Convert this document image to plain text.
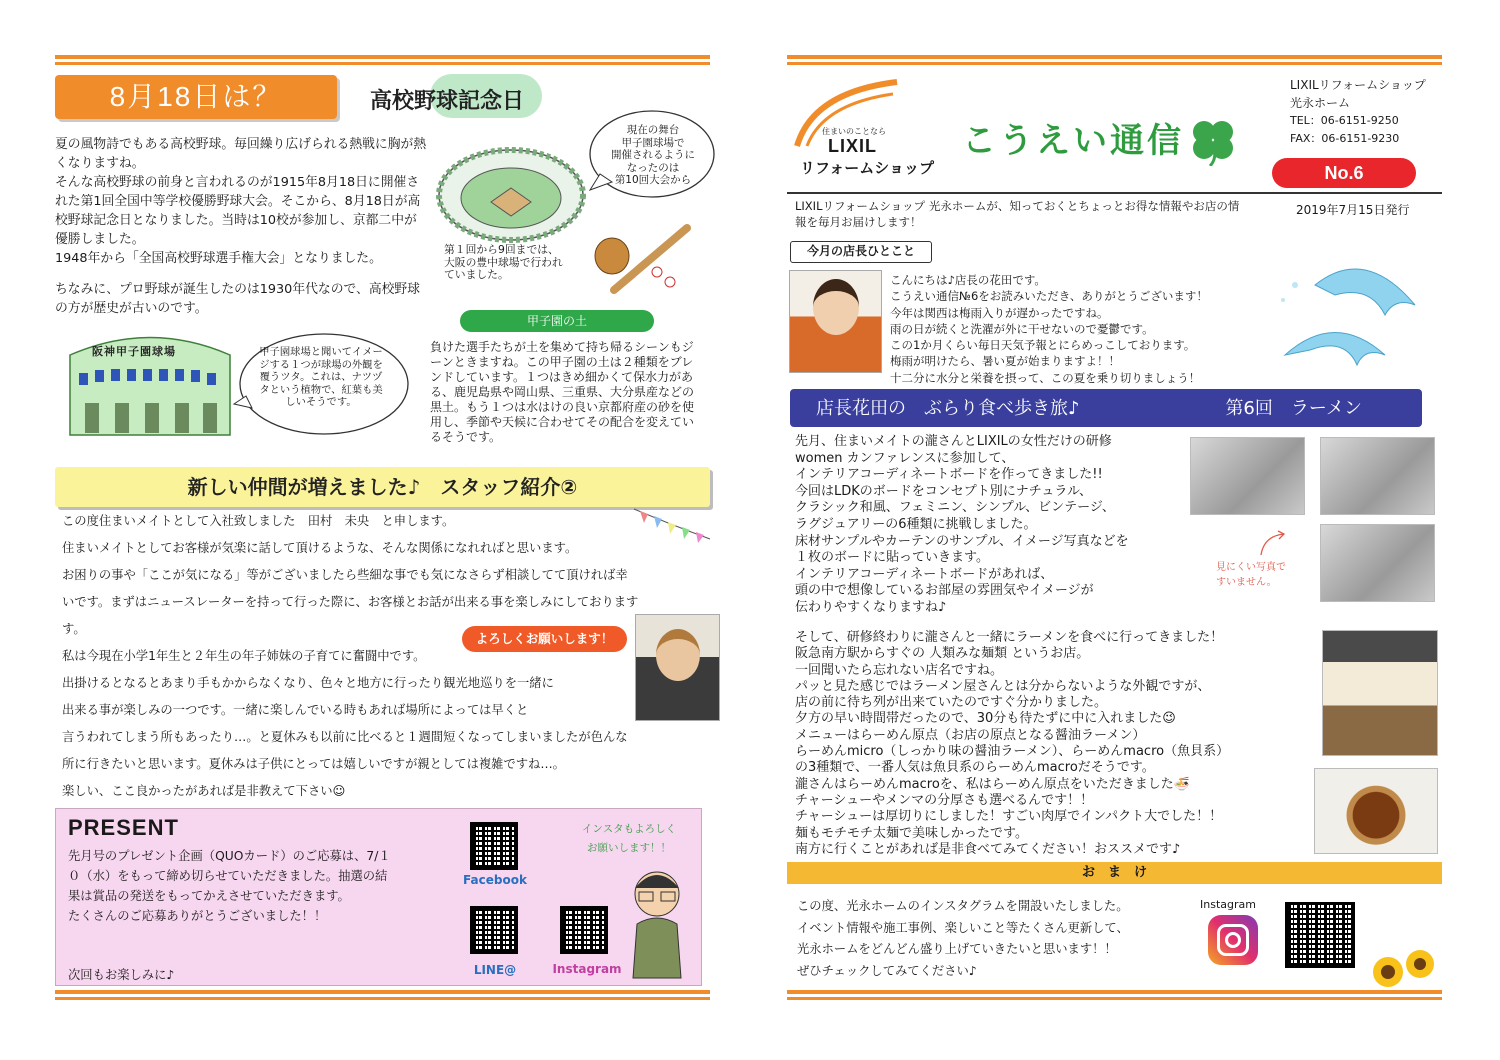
8月18日は？	高校野球記念日
夏の風物詩でもある高校野球。毎回繰り広げられる熱戦に胸が熱くなりますね。
そんな高校野球の前身と言われるのが1915年8月18日に開催された第1回全国中等学校優勝野球大会。そこから、8月18日が高校野球記念日となりました。当時は10校が参加し、京都二中が優勝しました。
1948年から「全国高校野球選手権大会」となりました。
ちなみに、プロ野球が誕生したのは1930年代なので、高校野球の方が歴史が古いのです。
現在の舞台
甲子園球場で
開催されるように
なったのは
第10回大会から
第１回から9回までは、
大阪の豊中球場で行われ
ていました。
阪神甲子園球場	甲子園球場と聞いてイメージする１つが球場の外観を覆うツタ。これは、ナツヅタという植物で、紅葉も美しいそうです。
甲子園の土
負けた選手たちが土を集めて持ち帰るシーンもジーンときますね。この甲子園の土は２種類をブレンドしています。１つはきめ細かくて保水力がある、鹿児島県や岡山県、三重県、大分県産などの黒土。もう１つは水はけの良い京都府産の砂を使用し、季節や天候に合わせてその配合を変えているそうです。
新しい仲間が増えました♪　スタッフ紹介②
この度住まいメイトとして入社致しました　田村　未央　と申します。
住まいメイトとしてお客様が気楽に話して頂けるような、そんな関係になれればと思います。
お困りの事や「ここが気になる」等がございましたら些細な事でも気になさらず相談してて頂ければ幸
いです。まずはニュースレーターを持って行った際に、お客様とお話が出来る事を楽しみにしております
す。
私は今現在小学1年生と２年生の年子姉妹の子育てに奮闘中です。
出掛けるとなるとあまり手もかからなくなり、色々と地方に行ったり観光地巡りを一緒に
出来る事が楽しみの一つです。一緒に楽しんでいる時もあれば場所によっては早くと
言うわれてしまう所もあったり…。と夏休みも以前に比べると１週間短くなってしまいましたが色んな
所に行きたいと思います。夏休みは子供にとっては嬉しいですが親としては複雑ですね…。
楽しい、ここ良かったがあれば是非教えて下さい☺
よろしくお願いします！
PRESENT
先月号のプレゼント企画（QUOカード）のご応募は、7/１０（水）をもって締め切らせていただきました。抽選の結果は賞品の発送をもってかえさせていただきます。
たくさんのご応募ありがとうございました！！
次回もお楽しみに♪
Facebook
LINE@	Instagram
インスタもよろしく
お願いします！！
住まいのことなら
LIXIL
リフォームショップ
こうえい通信
LIXILリフォームショップ
光永ホーム
TEL：06-6151-9250
FAX：06-6151-9230
No.6
LIXILリフォームショップ 光永ホームが、知っておくとちょっとお得な情報やお店の情報を毎月お届けします！
2019年7月15日発行
今月の店長ひとこと
こんにちは♪店長の花田です。
こうえい通信№6をお読みいただき、ありがとうございます！
今年は関西は梅雨入りが遅かったですね。
雨の日が続くと洗濯が外に干せないので憂鬱です。
この1か月くらい毎日天気予報とにらめっこしております。
梅雨が明けたら、暑い夏が始まりますよ！！
十二分に水分と栄養を摂って、この夏を乗り切りましょう！
店長花田の　ぶらり食べ歩き旅♪	第6回　ラーメン
先月、住まいメイトの瀧さんとLIXILの女性だけの研修
women カンファレンスに参加して、
インテリアコーディネートボードを作ってきました!!
今回はLDKのボードをコンセプト別にナチュラル、
クラシック和風、フェミニン、シンプル、ビンテージ、
ラグジュアリーの6種類に挑戦しました。
床材サンプルやカーテンのサンプル、イメージ写真などを
１枚のボードに貼っていきます。
インテリアコーディネートボードがあれば、
頭の中で想像しているお部屋の雰囲気やイメージが
伝わりやすくなりますね♪
見にくい写真で
すいません。
そして、研修終わりに瀧さんと一緒にラーメンを食べに行ってきました！
阪急南方駅からすぐの 人類みな麺類 というお店。
一回聞いたら忘れない店名ですね。
パッと見た感じではラーメン屋さんとは分からないような外観ですが、
店の前に待ち列が出来ていたのですぐ分かりました。
夕方の早い時間帯だったので、30分も待たずに中に入れました😉
メニューはらーめん原点（お店の原点となる醤油ラーメン）
らーめんmicro（しっかり味の醤油ラーメン）、らーめんmacro（魚貝系）
の3種類で、一番人気は魚貝系のらーめんmacroだそうです。
瀧さんはらーめんmacroを、私はらーめん原点をいただきました🍜
チャーシューやメンマの分厚さも選べるんです！！
チャーシューは厚切りにしました！すごい肉厚でインパクト大でした！！
麺もモチモチ太麺で美味しかったです。
南方に行くことがあれば是非食べてみてください！おススメです♪
お　ま　け
この度、光永ホームのインスタグラムを開設いたしました。
イベント情報や施工事例、楽しいこと等たくさん更新して、
光永ホームをどんどん盛り上げていきたいと思います！！
ぜひチェックしてみてください♪
Instagram
